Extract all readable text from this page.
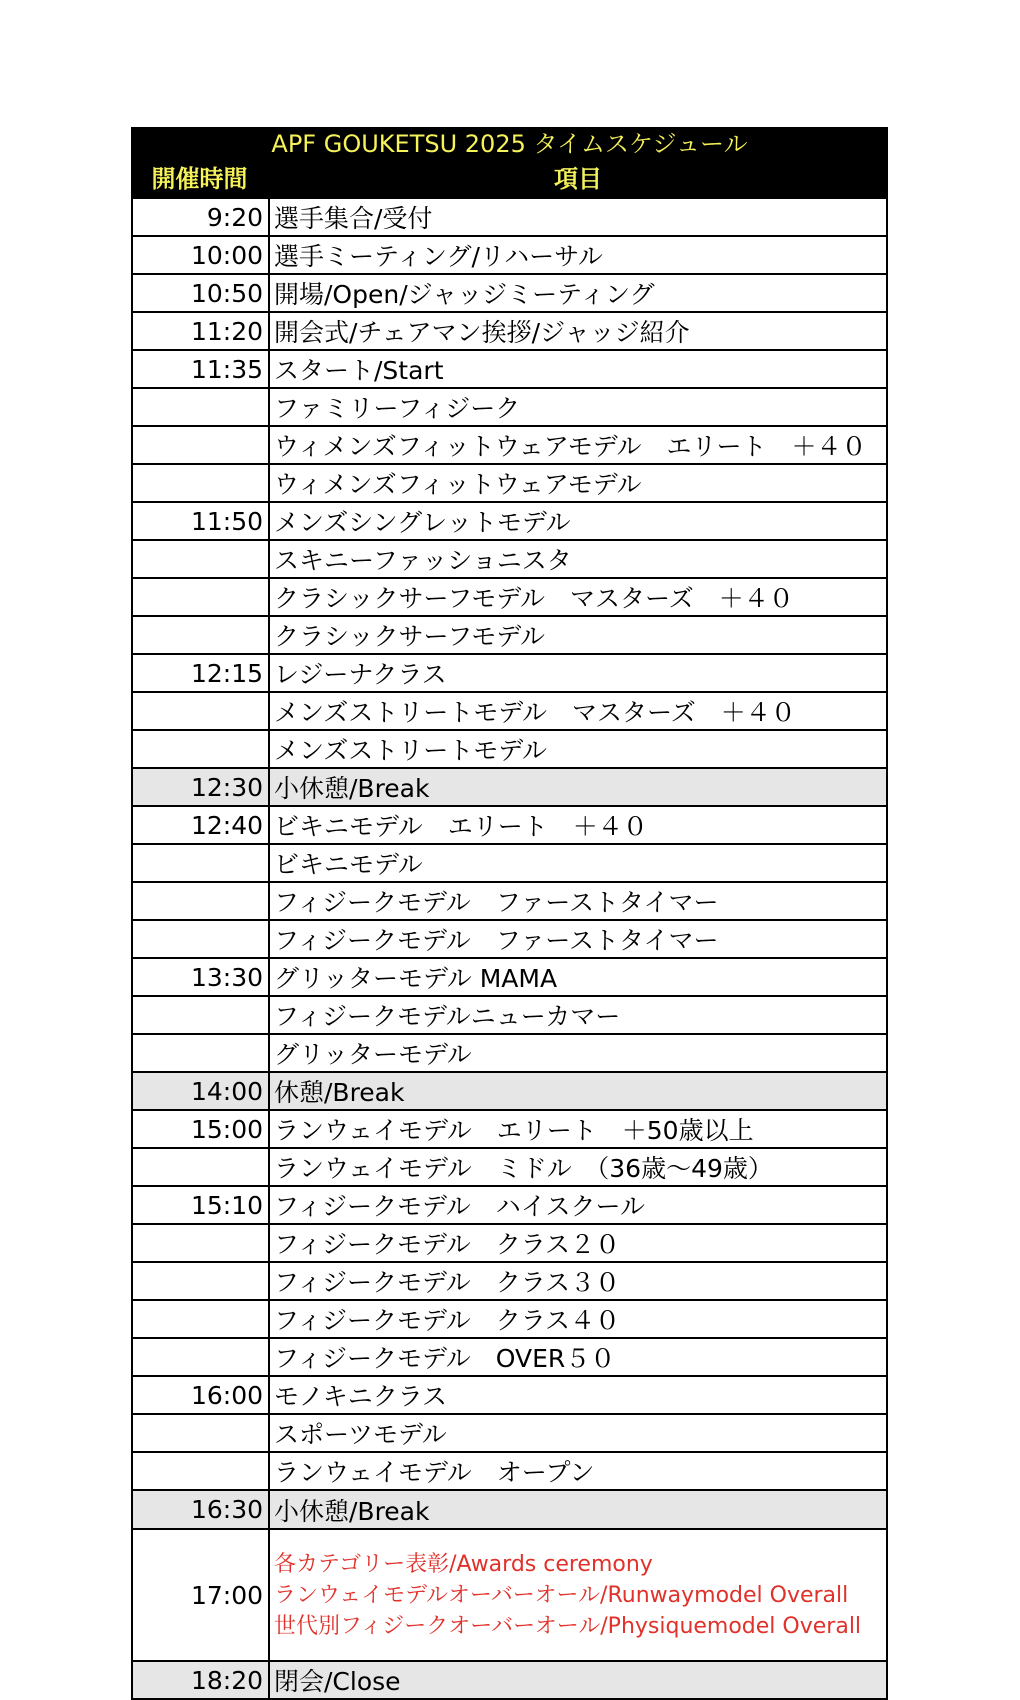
APF GOUKETSU 2025 タイムスケジュール
開催時間	項目
9:20	選手集合/受付
10:00	選手ミーティング/リハーサル
10:50	開場/Open/ジャッジミーティング
11:20	開会式/チェアマン挨拶/ジャッジ紹介
11:35	スタート/Start
	ファミリーフィジーク
	ウィメンズフィットウェアモデル　エリート　＋４０
	ウィメンズフィットウェアモデル
11:50	メンズシングレットモデル
	スキニーファッショニスタ
	クラシックサーフモデル　マスターズ　＋４０
	クラシックサーフモデル
12:15	レジーナクラス
	メンズストリートモデル　マスターズ　＋４０
	メンズストリートモデル
12:30	小休憩/Break
12:40	ビキニモデル　エリート　＋４０
	ビキニモデル
	フィジークモデル　ファーストタイマー
	フィジークモデル　ファーストタイマー
13:30	グリッターモデル MAMA
	フィジークモデルニューカマー
	グリッターモデル
14:00	休憩/Break
15:00	ランウェイモデル　エリート　＋50歳以上
	ランウェイモデル　ミドル　（36歳～49歳）
15:10	フィジークモデル　ハイスクール
	フィジークモデル　クラス２０
	フィジークモデル　クラス３０
	フィジークモデル　クラス４０
	フィジークモデル　OVER５０
16:00	モノキニクラス
	スポーツモデル
	ランウェイモデル　オープン
16:30	小休憩/Break
17:00	各カテゴリー表彰/Awards ceremony
ランウェイモデルオーバーオール/Runwaymodel Overall
世代別フィジークオーバーオール/Physiquemodel Overall

18:20	閉会/Close
